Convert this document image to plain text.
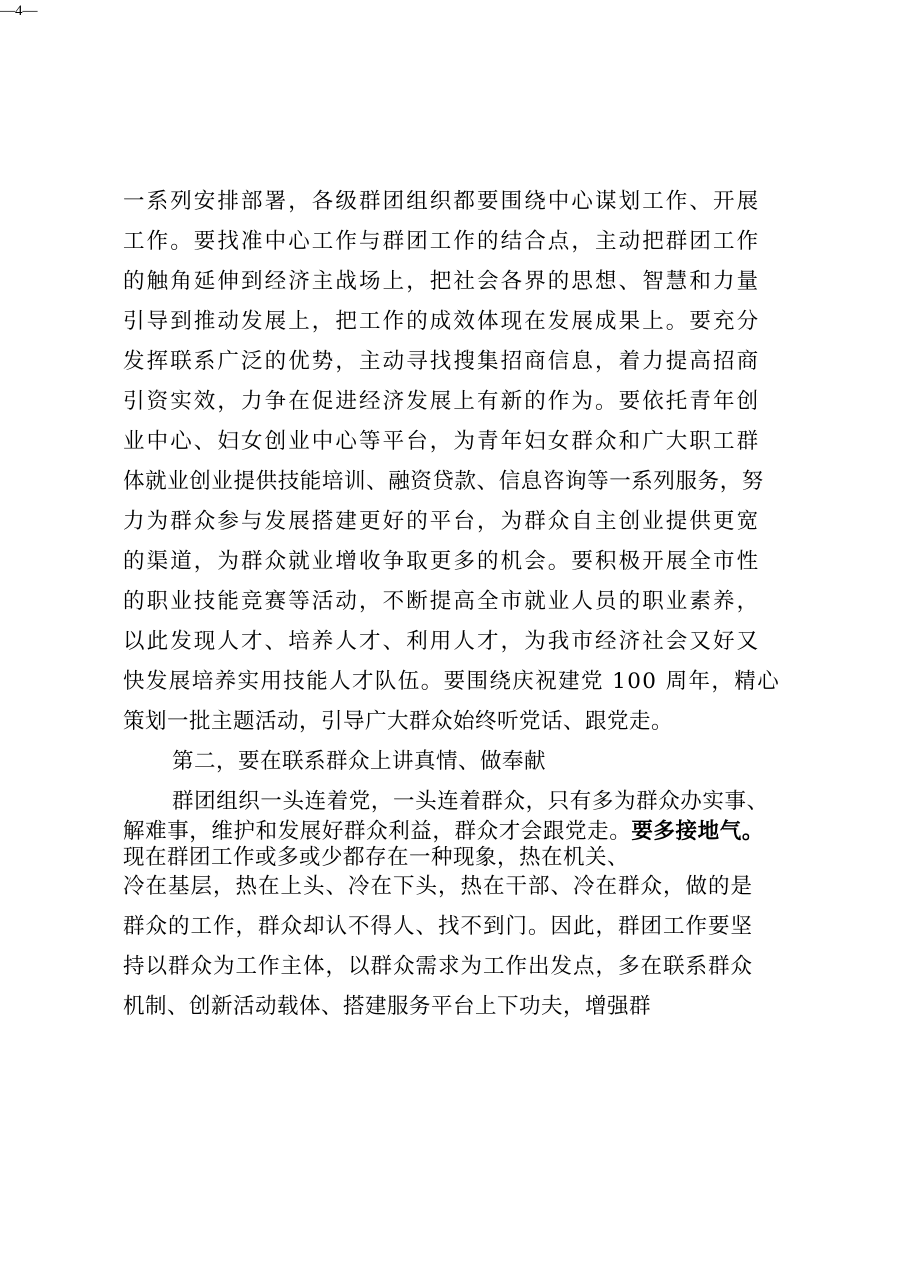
—4—
一系列安排部署，各级群团组织都要围绕中心谋划工作、开展
工作。要找准中心工作与群团工作的结合点，主动把群团工作
的触角延伸到经济主战场上，把社会各界的思想、智慧和力量
引导到推动发展上，把工作的成效体现在发展成果上。要充分
发挥联系广泛的优势，主动寻找搜集招商信息，着力提高招商
引资实效，力争在促进经济发展上有新的作为。要依托青年创
业中心、妇女创业中心等平台，为青年妇女群众和广大职工群
体就业创业提供技能培训、融资贷款、信息咨询等一系列服务，努
力为群众参与发展搭建更好的平台，为群众自主创业提供更宽
的渠道，为群众就业增收争取更多的机会。要积极开展全市性
的职业技能竞赛等活动，不断提高全市就业人员的职业素养，
以此发现人才、培养人才、利用人才，为我市经济社会又好又
快发展培养实用技能人才队伍。要围绕庆祝建党 100 周年，精心
策划一批主题活动，引导广大群众始终听党话、跟党走。
第二，要在联系群众上讲真情、做奉献
群团组织一头连着党，一头连着群众，只有多为群众办实事、
解难事，维护和发展好群众利益，群众才会跟党走。要多接地气。
现在群团工作或多或少都存在一种现象，热在机关、
冷在基层，热在上头、冷在下头，热在干部、冷在群众，做的是
群众的工作，群众却认不得人、找不到门。因此，群团工作要坚
持以群众为工作主体，以群众需求为工作出发点，多在联系群众
机制、创新活动载体、搭建服务平台上下功夫，增强群
